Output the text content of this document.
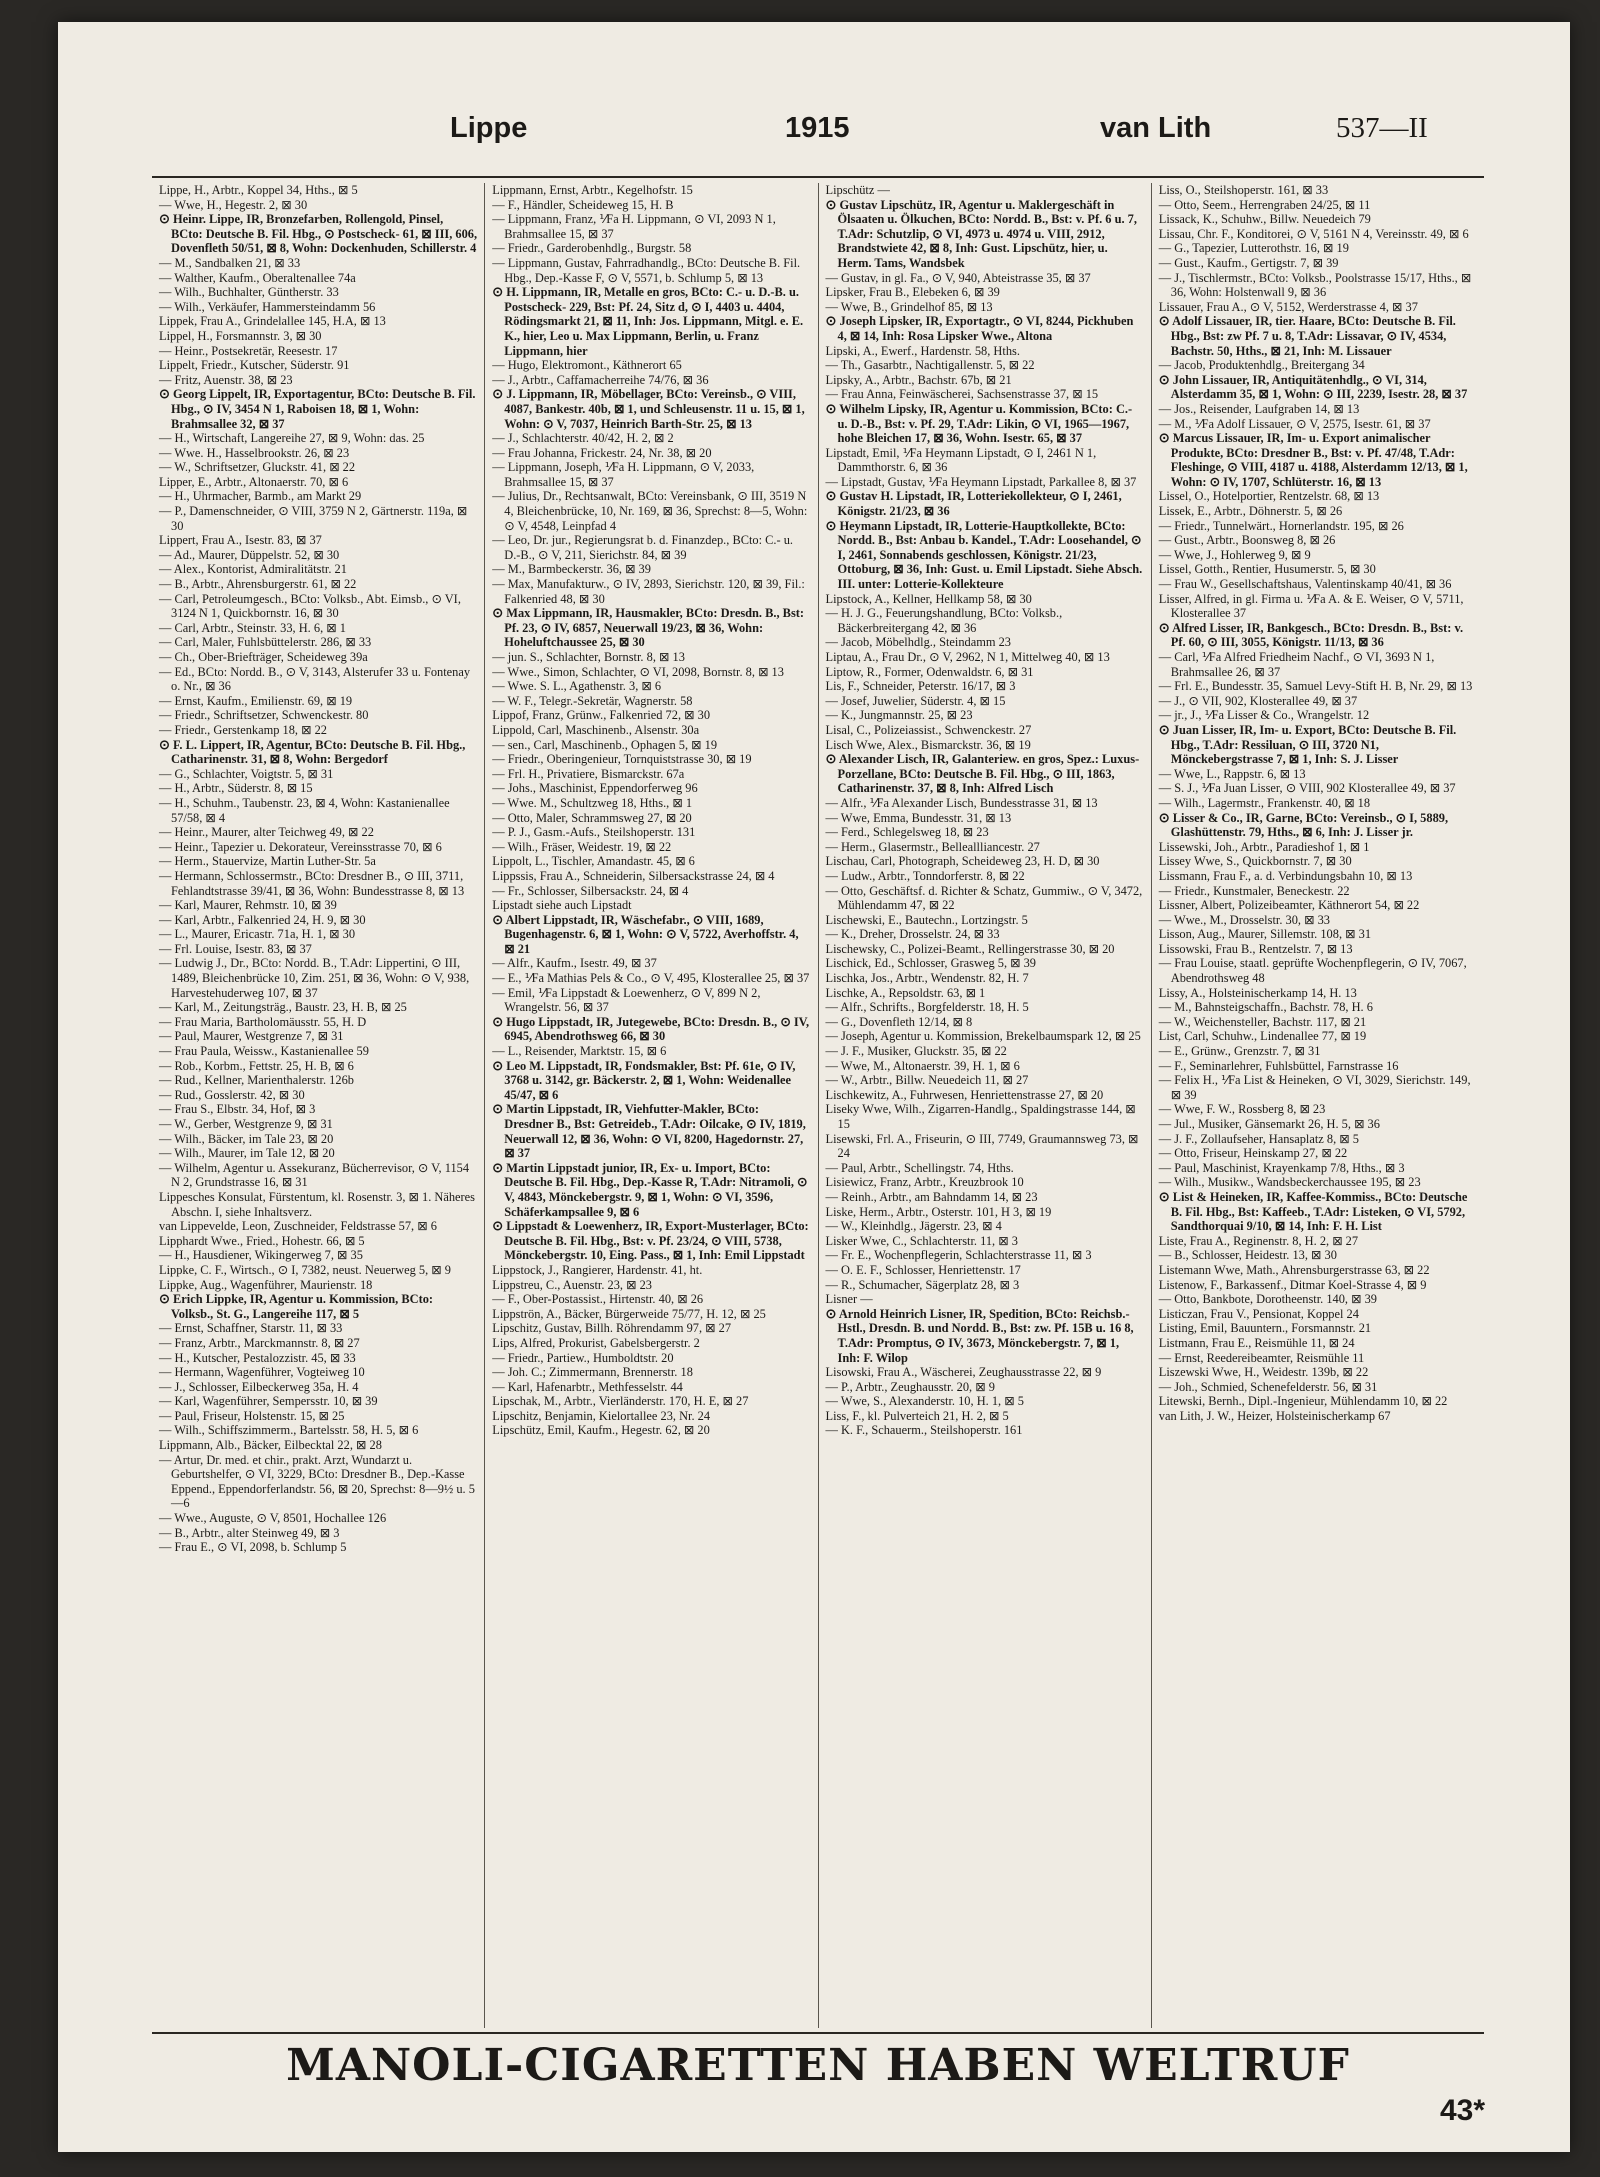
Lippe	1915	van Lith	537—II

Lippe, H., Arbtr., Koppel 34, Hths., ⊠ 5

— Wwe, H., Hegestr. 2, ⊠ 30

⊙ Heinr. Lippe, IR, Bronzefarben, Rollengold, Pinsel, BCto: Deutsche B. Fil. Hbg., ⊙ Postscheck- 61, ⊠ III, 606, Dovenfleth 50/51, ⊠ 8, Wohn: Dockenhuden, Schillerstr. 4

— M., Sandbalken 21, ⊠ 33

— Walther, Kaufm., Oberaltenallee 74a

— Wilh., Buchhalter, Güntherstr. 33

— Wilh., Verkäufer, Hammersteindamm 56

Lippek, Frau A., Grindelallee 145, H.A, ⊠ 13

Lippel, H., Forsmannstr. 3, ⊠ 30

— Heinr., Postsekretär, Reesestr. 17

Lippelt, Friedr., Kutscher, Süderstr. 91

— Fritz, Auenstr. 38, ⊠ 23

⊙ Georg Lippelt, IR, Exportagentur, BCto: Deutsche B. Fil. Hbg., ⊙ IV, 3454 N 1, Raboisen 18, ⊠ 1, Wohn: Brahmsallee 32, ⊠ 37

— H., Wirtschaft, Langereihe 27, ⊠ 9, Wohn: das. 25

— Wwe. H., Hasselbrookstr. 26, ⊠ 23

— W., Schriftsetzer, Gluckstr. 41, ⊠ 22

Lipper, E., Arbtr., Altonaerstr. 70, ⊠ 6

— H., Uhrmacher, Barmb., am Markt 29

— P., Damenschneider, ⊙ VIII, 3759 N 2, Gärtnerstr. 119a, ⊠ 30

Lippert, Frau A., Isestr. 83, ⊠ 37

— Ad., Maurer, Düppelstr. 52, ⊠ 30

— Alex., Kontorist, Admiralitätstr. 21

— B., Arbtr., Ahrensburgerstr. 61, ⊠ 22

— Carl, Petroleumgesch., BCto: Volksb., Abt. Eimsb., ⊙ VI, 3124 N 1, Quickbornstr. 16, ⊠ 30

— Carl, Arbtr., Steinstr. 33, H. 6, ⊠ 1

— Carl, Maler, Fuhlsbüttelerstr. 286, ⊠ 33

— Ch., Ober-Briefträger, Scheideweg 39a

— Ed., BCto: Nordd. B., ⊙ V, 3143, Alsterufer 33 u. Fontenay o. Nr., ⊠ 36

— Ernst, Kaufm., Emilienstr. 69, ⊠ 19

— Friedr., Schriftsetzer, Schwenckestr. 80

— Friedr., Gerstenkamp 18, ⊠ 22

⊙ F. L. Lippert, IR, Agentur, BCto: Deutsche B. Fil. Hbg., Catharinenstr. 31, ⊠ 8, Wohn: Bergedorf

— G., Schlachter, Voigtstr. 5, ⊠ 31

— H., Arbtr., Süderstr. 8, ⊠ 15

— H., Schuhm., Taubenstr. 23, ⊠ 4, Wohn: Kastanienallee 57/58, ⊠ 4

— Heinr., Maurer, alter Teichweg 49, ⊠ 22

— Heinr., Tapezier u. Dekorateur, Vereinsstrasse 70, ⊠ 6

— Herm., Stauervize, Martin Luther-Str. 5a

— Hermann, Schlossermstr., BCto: Dresdner B., ⊙ III, 3711, Fehlandtstrasse 39/41, ⊠ 36, Wohn: Bundesstrasse 8, ⊠ 13

— Karl, Maurer, Rehmstr. 10, ⊠ 39

— Karl, Arbtr., Falkenried 24, H. 9, ⊠ 30

— L., Maurer, Ericastr. 71a, H. 1, ⊠ 30

— Frl. Louise, Isestr. 83, ⊠ 37

— Ludwig J., Dr., BCto: Nordd. B., T.Adr: Lippertini, ⊙ III, 1489, Bleichenbrücke 10, Zim. 251, ⊠ 36, Wohn: ⊙ V, 938, Harvestehuderweg 107, ⊠ 37

— Karl, M., Zeitungsträg., Baustr. 23, H. B, ⊠ 25

— Frau Maria, Bartholomäusstr. 55, H. D

— Paul, Maurer, Westgrenze 7, ⊠ 31

— Frau Paula, Weissw., Kastanienallee 59

— Rob., Korbm., Fettstr. 25, H. B, ⊠ 6

— Rud., Kellner, Marienthalerstr. 126b

— Rud., Gosslerstr. 42, ⊠ 30

— Frau S., Elbstr. 34, Hof, ⊠ 3

— W., Gerber, Westgrenze 9, ⊠ 31

— Wilh., Bäcker, im Tale 23, ⊠ 20

— Wilh., Maurer, im Tale 12, ⊠ 20

— Wilhelm, Agentur u. Assekuranz, Bücherrevisor, ⊙ V, 1154 N 2, Grundstrasse 16, ⊠ 31

Lippesches Konsulat, Fürstentum, kl. Rosenstr. 3, ⊠ 1. Näheres Abschn. I, siehe Inhaltsverz.

van Lippevelde, Leon, Zuschneider, Feldstrasse 57, ⊠ 6

Lipphardt Wwe., Fried., Hohestr. 66, ⊠ 5

— H., Hausdiener, Wikingerweg 7, ⊠ 35

Lippke, C. F., Wirtsch., ⊙ I, 7382, neust. Neuerweg 5, ⊠ 9

Lippke, Aug., Wagenführer, Maurienstr. 18

⊙ Erich Lippke, IR, Agentur u. Kommission, BCto: Volksb., St. G., Langereihe 117, ⊠ 5

— Ernst, Schaffner, Starstr. 11, ⊠ 33

— Franz, Arbtr., Marckmannstr. 8, ⊠ 27

— H., Kutscher, Pestalozzistr. 45, ⊠ 33

— Hermann, Wagenführer, Vogteiweg 10

— J., Schlosser, Eilbeckerweg 35a, H. 4

— Karl, Wagenführer, Sempersstr. 10, ⊠ 39

— Paul, Friseur, Holstenstr. 15, ⊠ 25

— Wilh., Schiffszimmerm., Bartelsstr. 58, H. 5, ⊠ 6

Lippmann, Alb., Bäcker, Eilbecktal 22, ⊠ 28

— Artur, Dr. med. et chir., prakt. Arzt, Wundarzt u. Geburtshelfer, ⊙ VI, 3229, BCto: Dresdner B., Dep.-Kasse Eppend., Eppendorferlandstr. 56, ⊠ 20, Sprechst: 8—9½ u. 5—6

— Wwe., Auguste, ⊙ V, 8501, Hochallee 126

— B., Arbtr., alter Steinweg 49, ⊠ 3

— Frau E., ⊙ VI, 2098, b. Schlump 5

Lippmann, Ernst, Arbtr., Kegelhofstr. 15

— F., Händler, Scheideweg 15, H. B

— Lippmann, Franz, ⅟Fa H. Lippmann, ⊙ VI, 2093 N 1, Brahmsallee 15, ⊠ 37

— Friedr., Garderobenhdlg., Burgstr. 58

— Lippmann, Gustav, Fahrradhandlg., BCto: Deutsche B. Fil. Hbg., Dep.-Kasse F, ⊙ V, 5571, b. Schlump 5, ⊠ 13

⊙ H. Lippmann, IR, Metalle en gros, BCto: C.- u. D.-B. u. Postscheck- 229, Bst: Pf. 24, Sitz d, ⊙ I, 4403 u. 4404, Rödingsmarkt 21, ⊠ 11, Inh: Jos. Lippmann, Mitgl. e. E. K., hier, Leo u. Max Lippmann, Berlin, u. Franz Lippmann, hier

— Hugo, Elektromont., Käthnerort 65

— J., Arbtr., Caffamacherreihe 74/76, ⊠ 36

⊙ J. Lippmann, IR, Möbellager, BCto: Vereinsb., ⊙ VIII, 4087, Bankestr. 40b, ⊠ 1, und Schleusenstr. 11 u. 15, ⊠ 1, Wohn: ⊙ V, 7037, Heinrich Barth-Str. 25, ⊠ 13

— J., Schlachterstr. 40/42, H. 2, ⊠ 2

— Frau Johanna, Frickestr. 24, Nr. 38, ⊠ 20

— Lippmann, Joseph, ⅟Fa H. Lippmann, ⊙ V, 2033, Brahmsallee 15, ⊠ 37

— Julius, Dr., Rechtsanwalt, BCto: Vereinsbank, ⊙ III, 3519 N 4, Bleichenbrücke, 10, Nr. 169, ⊠ 36, Sprechst: 8—5, Wohn: ⊙ V, 4548, Leinpfad 4

— Leo, Dr. jur., Regierungsrat b. d. Finanzdep., BCto: C.- u. D.-B., ⊙ V, 211, Sierichstr. 84, ⊠ 39

— M., Barmbeckerstr. 36, ⊠ 39

— Max, Manufakturw., ⊙ IV, 2893, Sierichstr. 120, ⊠ 39, Fil.: Falkenried 48, ⊠ 30

⊙ Max Lippmann, IR, Hausmakler, BCto: Dresdn. B., Bst: Pf. 23, ⊙ IV, 6857, Neuerwall 19/23, ⊠ 36, Wohn: Hoheluftchaussee 25, ⊠ 30

— jun. S., Schlachter, Bornstr. 8, ⊠ 13

— Wwe., Simon, Schlachter, ⊙ VI, 2098, Bornstr. 8, ⊠ 13

— Wwe. S. L., Agathenstr. 3, ⊠ 6

— W. F., Telegr.-Sekretär, Wagnerstr. 58

Lippof, Franz, Grünw., Falkenried 72, ⊠ 30

Lippold, Carl, Maschinenb., Alsenstr. 30a

— sen., Carl, Maschinenb., Ophagen 5, ⊠ 19

— Friedr., Oberingenieur, Tornquiststrasse 30, ⊠ 19

— Frl. H., Privatiere, Bismarckstr. 67a

— Johs., Maschinist, Eppendorferweg 96

— Wwe. M., Schultzweg 18, Hths., ⊠ 1

— Otto, Maler, Schrammsweg 27, ⊠ 20

— P. J., Gasm.-Aufs., Steilshoperstr. 131

— Wilh., Fräser, Weidestr. 19, ⊠ 22

Lippolt, L., Tischler, Amandastr. 45, ⊠ 6

Lippssis, Frau A., Schneiderin, Silbersackstrasse 24, ⊠ 4

— Fr., Schlosser, Silbersackstr. 24, ⊠ 4

Lipstadt siehe auch Lipstadt

⊙ Albert Lippstadt, IR, Wäschefabr., ⊙ VIII, 1689, Bugenhagenstr. 6, ⊠ 1, Wohn: ⊙ V, 5722, Averhoffstr. 4, ⊠ 21

— Alfr., Kaufm., Isestr. 49, ⊠ 37

— E., ⅟Fa Mathias Pels & Co., ⊙ V, 495, Klosterallee 25, ⊠ 37

— Emil, ⅟Fa Lippstadt & Loewenherz, ⊙ V, 899 N 2, Wrangelstr. 56, ⊠ 37

⊙ Hugo Lippstadt, IR, Jutegewebe, BCto: Dresdn. B., ⊙ IV, 6945, Abendrothsweg 66, ⊠ 30

— L., Reisender, Marktstr. 15, ⊠ 6

⊙ Leo M. Lippstadt, IR, Fondsmakler, Bst: Pf. 61e, ⊙ IV, 3768 u. 3142, gr. Bäckerstr. 2, ⊠ 1, Wohn: Weidenallee 45/47, ⊠ 6

⊙ Martin Lippstadt, IR, Viehfutter-Makler, BCto: Dresdner B., Bst: Getreideb., T.Adr: Oilcake, ⊙ IV, 1819, Neuerwall 12, ⊠ 36, Wohn: ⊙ VI, 8200, Hagedornstr. 27, ⊠ 37

⊙ Martin Lippstadt junior, IR, Ex- u. Import, BCto: Deutsche B. Fil. Hbg., Dep.-Kasse R, T.Adr: Nitramoli, ⊙ V, 4843, Mönckebergstr. 9, ⊠ 1, Wohn: ⊙ VI, 3596, Schäferkampsallee 9, ⊠ 6

⊙ Lippstadt & Loewenherz, IR, Export-Musterlager, BCto: Deutsche B. Fil. Hbg., Bst: v. Pf. 23/24, ⊙ VIII, 5738, Mönckebergstr. 10, Eing. Pass., ⊠ 1, Inh: Emil Lippstadt

Lippstock, J., Rangierer, Hardenstr. 41, ht.

Lippstreu, C., Auenstr. 23, ⊠ 23

— F., Ober-Postassist., Hirtenstr. 40, ⊠ 26

Lippströn, A., Bäcker, Bürgerweide 75/77, H. 12, ⊠ 25

Lipschitz, Gustav, Billh. Röhrendamm 97, ⊠ 27

Lips, Alfred, Prokurist, Gabelsbergerstr. 2

— Friedr., Partiew., Humboldtstr. 20

— Joh. C.; Zimmermann, Brennerstr. 18

— Karl, Hafenarbtr., Methfesselstr. 44

Lipschak, M., Arbtr., Vierländerstr. 170, H. E, ⊠ 27

Lipschitz, Benjamin, Kielortallee 23, Nr. 24

Lipschütz, Emil, Kaufm., Hegestr. 62, ⊠ 20

Lipschütz —

⊙ Gustav Lipschütz, IR, Agentur u. Maklergeschäft in Ölsaaten u. Ölkuchen, BCto: Nordd. B., Bst: v. Pf. 6 u. 7, T.Adr: Schutzlip, ⊙ VI, 4973 u. 4974 u. VIII, 2912, Brandstwiete 42, ⊠ 8, Inh: Gust. Lipschütz, hier, u. Herm. Tams, Wandsbek

— Gustav, in gl. Fa., ⊙ V, 940, Abteistrasse 35, ⊠ 37

Lipsker, Frau B., Elebeken 6, ⊠ 39

— Wwe, B., Grindelhof 85, ⊠ 13

⊙ Joseph Lipsker, IR, Exportagtr., ⊙ VI, 8244, Pickhuben 4, ⊠ 14, Inh: Rosa Lipsker Wwe., Altona

Lipski, A., Ewerf., Hardenstr. 58, Hths.

— Th., Gasarbtr., Nachtigallenstr. 5, ⊠ 22

Lipsky, A., Arbtr., Bachstr. 67b, ⊠ 21

— Frau Anna, Feinwäscherei, Sachsenstrasse 37, ⊠ 15

⊙ Wilhelm Lipsky, IR, Agentur u. Kommission, BCto: C.- u. D.-B., Bst: v. Pf. 29, T.Adr: Likin, ⊙ VI, 1965—1967, hohe Bleichen 17, ⊠ 36, Wohn. Isestr. 65, ⊠ 37

Lipstadt, Emil, ⅟Fa Heymann Lipstadt, ⊙ I, 2461 N 1, Dammthorstr. 6, ⊠ 36

— Lipstadt, Gustav, ⅟Fa Heymann Lipstadt, Parkallee 8, ⊠ 37

⊙ Gustav H. Lipstadt, IR, Lotteriekollekteur, ⊙ I, 2461, Königstr. 21/23, ⊠ 36

⊙ Heymann Lipstadt, IR, Lotterie-Hauptkollekte, BCto: Nordd. B., Bst: Anbau b. Kandel., T.Adr: Loosehandel, ⊙ I, 2461, Sonnabends geschlossen, Königstr. 21/23, Ottoburg, ⊠ 36, Inh: Gust. u. Emil Lipstadt. Siehe Absch. III. unter: Lotterie-Kollekteure

Lipstock, A., Kellner, Hellkamp 58, ⊠ 30

— H. J. G., Feuerungshandlung, BCto: Volksb., Bäckerbreitergang 42, ⊠ 36

— Jacob, Möbelhdlg., Steindamm 23

Liptau, A., Frau Dr., ⊙ V, 2962, N 1, Mittelweg 40, ⊠ 13

Liptow, R., Former, Odenwaldstr. 6, ⊠ 31

Lis, F., Schneider, Peterstr. 16/17, ⊠ 3

— Josef, Juwelier, Süderstr. 4, ⊠ 15

— K., Jungmannstr. 25, ⊠ 23

Lisal, C., Polizeiassist., Schwenckestr. 27

Lisch Wwe, Alex., Bismarckstr. 36, ⊠ 19

⊙ Alexander Lisch, IR, Galanteriew. en gros, Spez.: Luxus-Porzellane, BCto: Deutsche B. Fil. Hbg., ⊙ III, 1863, Catharinenstr. 37, ⊠ 8, Inh: Alfred Lisch

— Alfr., ⅟Fa Alexander Lisch, Bundesstrasse 31, ⊠ 13

— Wwe, Emma, Bundesstr. 31, ⊠ 13

— Ferd., Schlegelsweg 18, ⊠ 23

— Herm., Glasermstr., Belleallliancestr. 27

Lischau, Carl, Photograph, Scheideweg 23, H. D, ⊠ 30

— Ludw., Arbtr., Tonndorferstr. 8, ⊠ 22

— Otto, Geschäftsf. d. Richter & Schatz, Gummiw., ⊙ V, 3472, Mühlendamm 47, ⊠ 22

Lischewski, E., Bautechn., Lortzingstr. 5

— K., Dreher, Drosselstr. 24, ⊠ 33

Lischewsky, C., Polizei-Beamt., Rellingerstrasse 30, ⊠ 20

Lischick, Ed., Schlosser, Grasweg 5, ⊠ 39

Lischka, Jos., Arbtr., Wendenstr. 82, H. 7

Lischke, A., Repsoldstr. 63, ⊠ 1

— Alfr., Schrifts., Borgfelderstr. 18, H. 5

— G., Dovenfleth 12/14, ⊠ 8

— Joseph, Agentur u. Kommission, Brekelbaumspark 12, ⊠ 25

— J. F., Musiker, Gluckstr. 35, ⊠ 22

— Wwe, M., Altonaerstr. 39, H. 1, ⊠ 6

— W., Arbtr., Billw. Neuedeich 11, ⊠ 27

Lischkewitz, A., Fuhrwesen, Henriettenstrasse 27, ⊠ 20

Liseky Wwe, Wilh., Zigarren-Handlg., Spaldingstrasse 144, ⊠ 15

Lisewski, Frl. A., Friseurin, ⊙ III, 7749, Graumannsweg 73, ⊠ 24

— Paul, Arbtr., Schellingstr. 74, Hths.

Lisiewicz, Franz, Arbtr., Kreuzbrook 10

— Reinh., Arbtr., am Bahndamm 14, ⊠ 23

Liske, Herm., Arbtr., Osterstr. 101, H 3, ⊠ 19

— W., Kleinhdlg., Jägerstr. 23, ⊠ 4

Lisker Wwe, C., Schlachterstr. 11, ⊠ 3

— Fr. E., Wochenpflegerin, Schlachterstrasse 11, ⊠ 3

— O. E. F., Schlosser, Henriettenstr. 17

— R., Schumacher, Sägerplatz 28, ⊠ 3

Lisner —

⊙ Arnold Heinrich Lisner, IR, Spedition, BCto: Reichsb.-Hstl., Dresdn. B. und Nordd. B., Bst: zw. Pf. 15B u. 16 8, T.Adr: Promptus, ⊙ IV, 3673, Mönckebergstr. 7, ⊠ 1, Inh: F. Wilop

Lisowski, Frau A., Wäscherei, Zeughausstrasse 22, ⊠ 9

— P., Arbtr., Zeughausstr. 20, ⊠ 9

— Wwe, S., Alexanderstr. 10, H. 1, ⊠ 5

Liss, F., kl. Pulverteich 21, H. 2, ⊠ 5

— K. F., Schauerm., Steilshoperstr. 161

Liss, O., Steilshoperstr. 161, ⊠ 33

— Otto, Seem., Herrengraben 24/25, ⊠ 11

Lissack, K., Schuhw., Billw. Neuedeich 79

Lissau, Chr. F., Konditorei, ⊙ V, 5161 N 4, Vereinsstr. 49, ⊠ 6

— G., Tapezier, Lutterothstr. 16, ⊠ 19

— Gust., Kaufm., Gertigstr. 7, ⊠ 39

— J., Tischlermstr., BCto: Volksb., Poolstrasse 15/17, Hths., ⊠ 36, Wohn: Holstenwall 9, ⊠ 36

Lissauer, Frau A., ⊙ V, 5152, Werderstrasse 4, ⊠ 37

⊙ Adolf Lissauer, IR, tier. Haare, BCto: Deutsche B. Fil. Hbg., Bst: zw Pf. 7 u. 8, T.Adr: Lissavar, ⊙ IV, 4534, Bachstr. 50, Hths., ⊠ 21, Inh: M. Lissauer

— Jacob, Produktenhdlg., Breitergang 34

⊙ John Lissauer, IR, Antiquitätenhdlg., ⊙ VI, 314, Alsterdamm 35, ⊠ 1, Wohn: ⊙ III, 2239, Isestr. 28, ⊠ 37

— Jos., Reisender, Laufgraben 14, ⊠ 13

— M., ⅟Fa Adolf Lissauer, ⊙ V, 2575, Isestr. 61, ⊠ 37

⊙ Marcus Lissauer, IR, Im- u. Export animalischer Produkte, BCto: Dresdner B., Bst: v. Pf. 47/48, T.Adr: Fleshinge, ⊙ VIII, 4187 u. 4188, Alsterdamm 12/13, ⊠ 1, Wohn: ⊙ IV, 1707, Schlüterstr. 16, ⊠ 13

Lissel, O., Hotelportier, Rentzelstr. 68, ⊠ 13

Lissek, E., Arbtr., Döhnerstr. 5, ⊠ 26

— Friedr., Tunnelwärt., Hornerlandstr. 195, ⊠ 26

— Gust., Arbtr., Boonsweg 8, ⊠ 26

— Wwe, J., Hohlerweg 9, ⊠ 9

Lissel, Gotth., Rentier, Husumerstr. 5, ⊠ 30

— Frau W., Gesellschaftshaus, Valentinskamp 40/41, ⊠ 36

Lisser, Alfred, in gl. Firma u. ⅟Fa A. & E. Weiser, ⊙ V, 5711, Klosterallee 37

⊙ Alfred Lisser, IR, Bankgesch., BCto: Dresdn. B., Bst: v. Pf. 60, ⊙ III, 3055, Königstr. 11/13, ⊠ 36

— Carl, ⅟Fa Alfred Friedheim Nachf., ⊙ VI, 3693 N 1, Brahmsallee 26, ⊠ 37

— Frl. E., Bundesstr. 35, Samuel Levy-Stift H. B, Nr. 29, ⊠ 13

— J., ⊙ VII, 902, Klosterallee 49, ⊠ 37

— jr., J., ⅟Fa Lisser & Co., Wrangelstr. 12

⊙ Juan Lisser, IR, Im- u. Export, BCto: Deutsche B. Fil. Hbg., T.Adr: Ressiluan, ⊙ III, 3720 N1, Mönckebergstrasse 7, ⊠ 1, Inh: S. J. Lisser

— Wwe, L., Rappstr. 6, ⊠ 13

— S. J., ⅟Fa Juan Lisser, ⊙ VIII, 902 Klosterallee 49, ⊠ 37

— Wilh., Lagermstr., Frankenstr. 40, ⊠ 18

⊙ Lisser & Co., IR, Garne, BCto: Vereinsb., ⊙ I, 5889, Glashüttenstr. 79, Hths., ⊠ 6, Inh: J. Lisser jr.

Lissewski, Joh., Arbtr., Paradieshof 1, ⊠ 1

Lissey Wwe, S., Quickbornstr. 7, ⊠ 30

Lissmann, Frau F., a. d. Verbindungsbahn 10, ⊠ 13

— Friedr., Kunstmaler, Beneckestr. 22

Lissner, Albert, Polizeibeamter, Käthnerort 54, ⊠ 22

— Wwe., M., Drosselstr. 30, ⊠ 33

Lisson, Aug., Maurer, Sillemstr. 108, ⊠ 31

Lissowski, Frau B., Rentzelstr. 7, ⊠ 13

— Frau Louise, staatl. geprüfte Wochenpflegerin, ⊙ IV, 7067, Abendrothsweg 48

Lissy, A., Holsteinischerkamp 14, H. 13

— M., Bahnsteigschaffn., Bachstr. 78, H. 6

— W., Weichensteller, Bachstr. 117, ⊠ 21

List, Carl, Schuhw., Lindenallee 77, ⊠ 19

— E., Grünw., Grenzstr. 7, ⊠ 31

— F., Seminarlehrer, Fuhlsbüttel, Farnstrasse 16

— Felix H., ⅟Fa List & Heineken, ⊙ VI, 3029, Sierichstr. 149, ⊠ 39

— Wwe, F. W., Rossberg 8, ⊠ 23

— Jul., Musiker, Gänsemarkt 26, H. 5, ⊠ 36

— J. F., Zollaufseher, Hansaplatz 8, ⊠ 5

— Otto, Friseur, Heinskamp 27, ⊠ 22

— Paul, Maschinist, Krayenkamp 7/8, Hths., ⊠ 3

— Wilh., Musikw., Wandsbeckerchaussee 195, ⊠ 23

⊙ List & Heineken, IR, Kaffee-Kommiss., BCto: Deutsche B. Fil. Hbg., Bst: Kaffeeb., T.Adr: Listeken, ⊙ VI, 5792, Sandthorquai 9/10, ⊠ 14, Inh: F. H. List

Liste, Frau A., Reginenstr. 8, H. 2, ⊠ 27

— B., Schlosser, Heidestr. 13, ⊠ 30

Listemann Wwe, Math., Ahrensburgerstrasse 63, ⊠ 22

Listenow, F., Barkassenf., Ditmar Koel-Strasse 4, ⊠ 9

— Otto, Bankbote, Dorotheenstr. 140, ⊠ 39

Listiczan, Frau V., Pensionat, Koppel 24

Listing, Emil, Bauuntern., Forsmannstr. 21

Listmann, Frau E., Reismühle 11, ⊠ 24

— Ernst, Reedereibeamter, Reismühle 11

Liszewski Wwe, H., Weidestr. 139b, ⊠ 22

— Joh., Schmied, Schenefelderstr. 56, ⊠ 31

Litewski, Bernh., Dipl.-Ingenieur, Mühlendamm 10, ⊠ 22

van Lith, J. W., Heizer, Holsteinischerkamp 67

MANOLI-CIGARETTEN HABEN WELTRUF
43*
